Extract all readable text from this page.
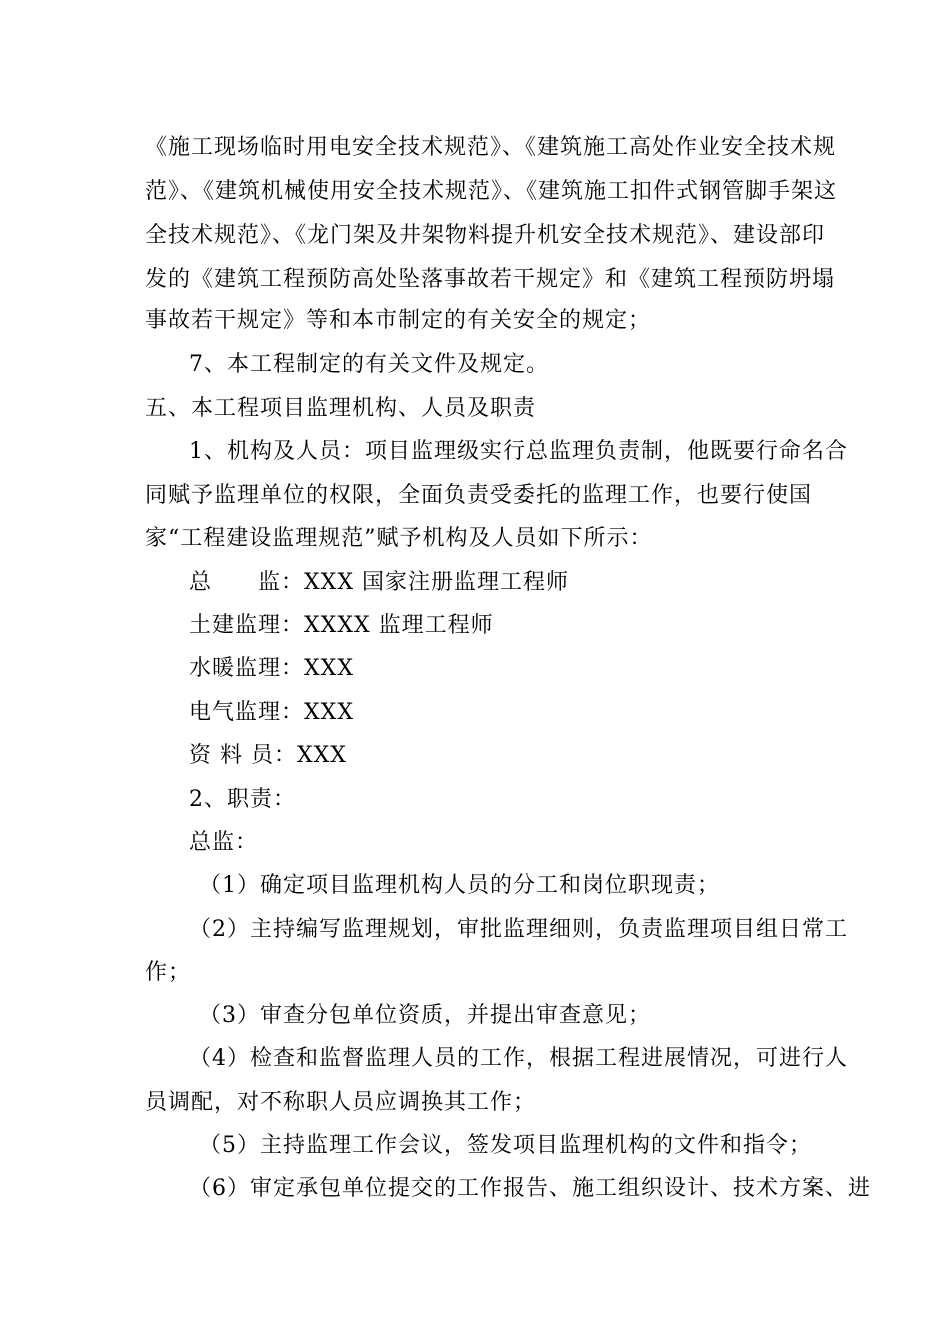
《施工现场临时用电安全技术规范》、《建筑施工高处作业安全技术规
范》、《建筑机械使用安全技术规范》、《建筑施工扣件式钢管脚手架这
全技术规范》、《龙门架及井架物料提升机安全技术规范》、建设部印
发的《建筑工程预防高处坠落事故若干规定》和《建筑工程预防坍塌
事故若干规定》等和本市制定的有关安全的规定；
7、本工程制定的有关文件及规定。
五、本工程项目监理机构、人员及职责
1、机构及人员：项目监理级实行总监理负责制，他既要行命名合
同赋予监理单位的权限，全面负责受委托的监理工作，也要行使国
家“工程建设监理规范”赋予机构及人员如下所示：
总　　监：XXX 国家注册监理工程师
土建监理：XXXX 监理工程师
水暖监理：XXX
电气监理：XXX
资 料 员：XXX
2、职责：
总监：
（1）确定项目监理机构人员的分工和岗位职现责；
（2）主持编写监理规划，审批监理细则，负责监理项目组日常工
作；
（3）审查分包单位资质，并提出审查意见；
（4）检查和监督监理人员的工作，根据工程进展情况，可进行人
员调配，对不称职人员应调换其工作；
（5）主持监理工作会议，签发项目监理机构的文件和指令；
（6）审定承包单位提交的工作报告、施工组织设计、技术方案、进
